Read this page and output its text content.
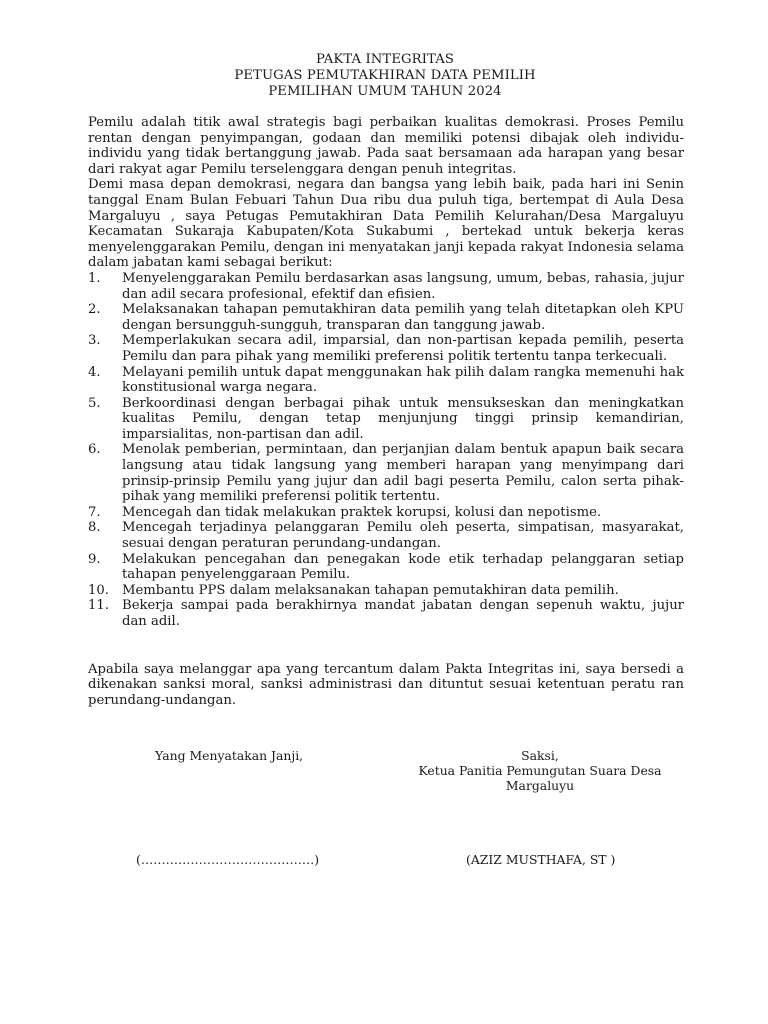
PAKTA INTEGRITAS
PETUGAS PEMUTAKHIRAN DATA PEMILIH
PEMILIHAN UMUM TAHUN 2024

Pemilu adalah titik awal strategis bagi perbaikan kualitas demokrasi. Proses Pemilu rentan dengan penyimpangan, godaan dan memiliki potensi dibajak oleh individu-individu yang tidak bertanggung jawab. Pada saat bersamaan ada harapan yang besar dari rakyat agar Pemilu terselenggara dengan penuh integritas.

Demi masa depan demokrasi, negara dan bangsa yang lebih baik, pada hari ini Senin tanggal Enam Bulan Febuari Tahun Dua ribu dua puluh tiga, bertempat di Aula Desa Margaluyu , saya Petugas Pemutakhiran Data Pemilih Kelurahan/Desa Margaluyu Kecamatan Sukaraja Kabupaten/Kota Sukabumi , bertekad untuk bekerja keras menyelenggarakan Pemilu, dengan ini menyatakan janji kepada rakyat Indonesia selama dalam jabatan kami sebagai berikut:

1. Menyelenggarakan Pemilu berdasarkan asas langsung, umum, bebas, rahasia, jujur dan adil secara profesional, efektif dan efisien.
2. Melaksanakan tahapan pemutakhiran data pemilih yang telah ditetapkan oleh KPU dengan bersungguh-sungguh, transparan dan tanggung jawab.
3. Memperlakukan secara adil, imparsial, dan non-partisan kepada pemilih, peserta Pemilu dan para pihak yang memiliki preferensi politik tertentu tanpa terkecuali.
4. Melayani pemilih untuk dapat menggunakan hak pilih dalam rangka memenuhi hak konstitusional warga negara.
5. Berkoordinasi dengan berbagai pihak untuk mensukseskan dan meningkatkan kualitas Pemilu, dengan tetap menjunjung tinggi prinsip kemandirian, imparsialitas, non-partisan dan adil.
6. Menolak pemberian, permintaan, dan perjanjian dalam bentuk apapun baik secara langsung atau tidak langsung yang memberi harapan yang menyimpang dari prinsip-prinsip Pemilu yang jujur dan adil bagi peserta Pemilu, calon serta pihak-pihak yang memiliki preferensi politik tertentu.
7. Mencegah dan tidak melakukan praktek korupsi, kolusi dan nepotisme.
8. Mencegah terjadinya pelanggaran Pemilu oleh peserta, simpatisan, masyarakat, sesuai dengan peraturan perundang-undangan.
9. Melakukan pencegahan dan penegakan kode etik terhadap pelanggaran setiap tahapan penyelenggaraan Pemilu.
10. Membantu PPS dalam melaksanakan tahapan pemutakhiran data pemilih.
11. Bekerja sampai pada berakhirnya mandat jabatan dengan sepenuh waktu, jujur dan adil.

Apabila saya melanggar apa yang tercantum dalam Pakta Integritas ini, saya bersedi a dikenakan sanksi moral, sanksi administrasi dan dituntut sesuai ketentuan peratu ran perundang-undangan.

Yang Menyatakan Janji,	Saksi,
Ketua Panitia Pemungutan Suara Desa
Margaluyu
(……………………………………)	(AZIZ MUSTHAFA, ST )
